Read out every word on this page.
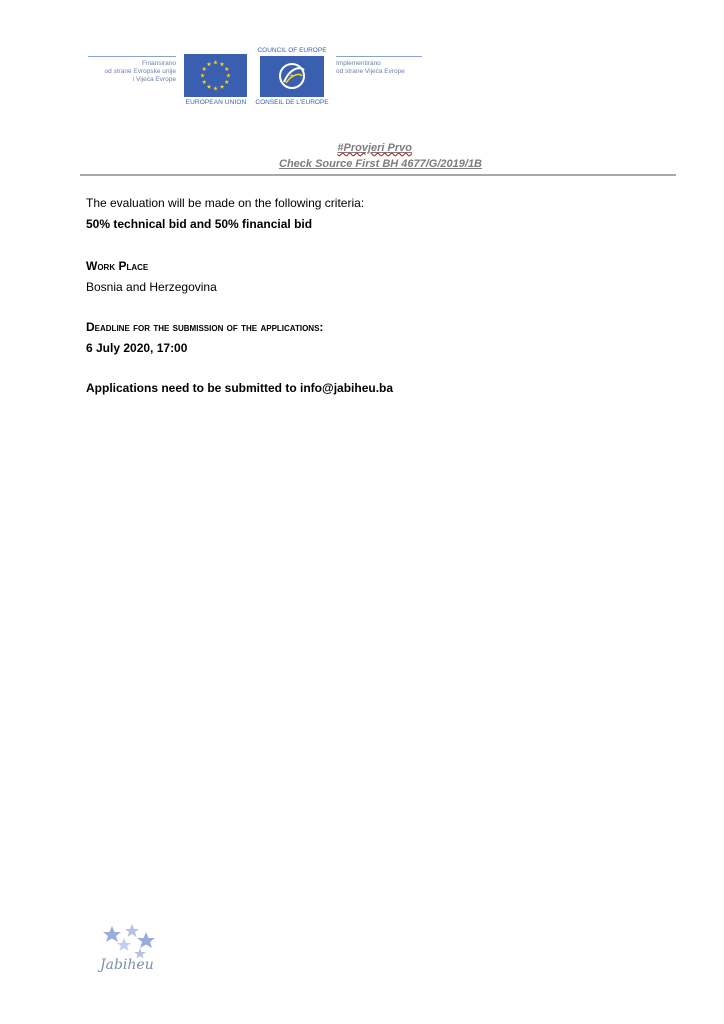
Finansirano
od strane Evropske unije
i Vijeća Evrope
EUROPEAN UNION
COUNCIL OF EUROPE
CONSEIL DE L'EUROPE
Implementirano
od strane Vijeća Evrope
#Provjeri Prvo
Check Source First BH 4677/G/2019/1B

The evaluation will be made on the following criteria:

50% technical bid and 50% financial bid

Work Place

Bosnia and Herzegovina

Deadline for the submission of the applications:

6 July 2020, 17:00

Applications need to be submitted to info@jabiheu.ba

Jabiheu
